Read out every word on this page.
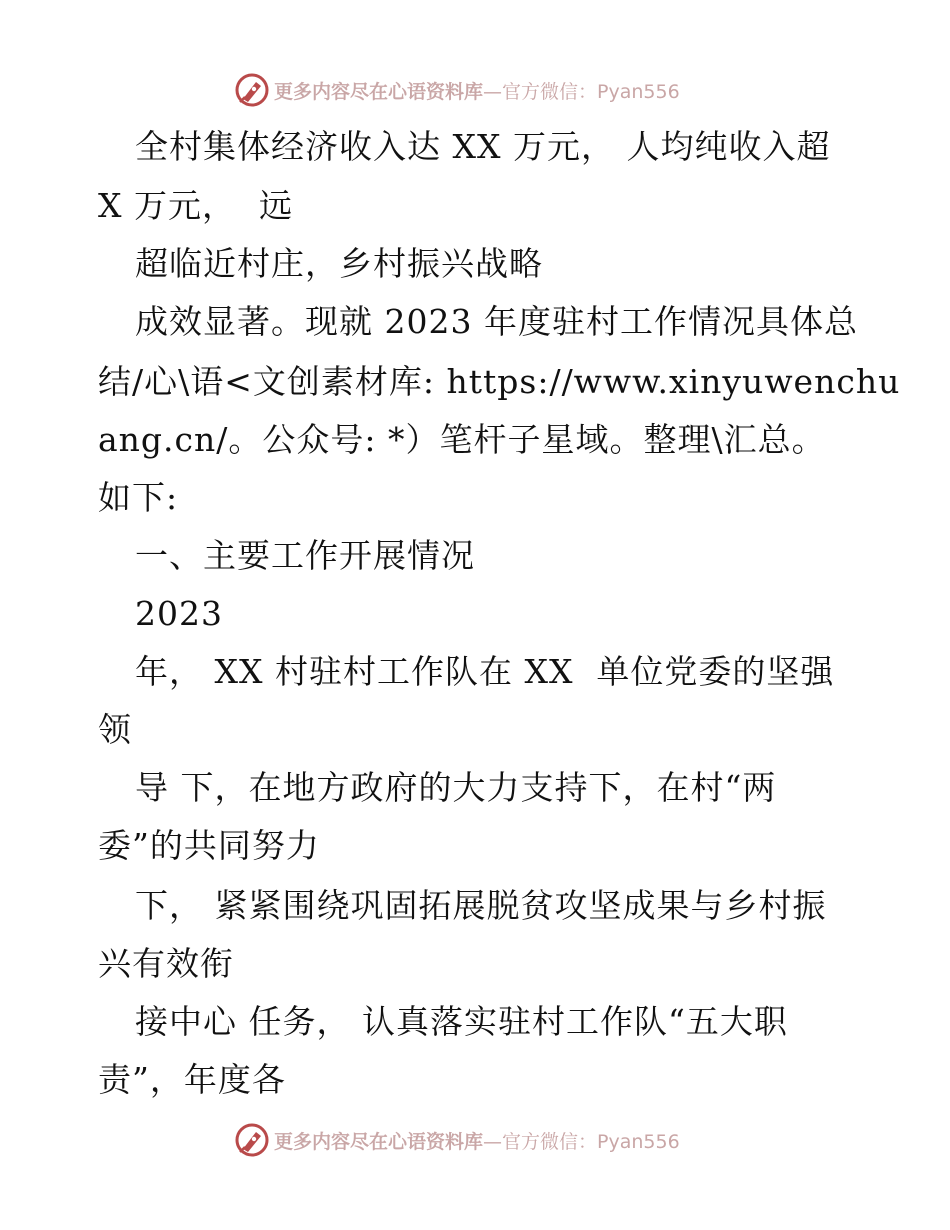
更多内容尽在心语资料库 —官方微信：Pyan556
全村集体经济收入达 XX 万元， 人均纯收入超
X 万元，  远
超临近村庄，乡村振兴战略
成效显著。现就 2023 年度驻村工作情况具体总
结/心\语<文创素材库: https://www.xinyuwenchu
ang.cn/。公众号: *）笔杆子星域。整理\汇总。
如下:
一、主要工作开展情况
2023
年， XX 村驻村工作队在 XX  单位党委的坚强
领
导 下，在地方政府的大力支持下，在村“两
委”的共同努力
下， 紧紧围绕巩固拓展脱贫攻坚成果与乡村振
兴有效衔
接中心 任务， 认真落实驻村工作队“五大职
责”，年度各
更多内容尽在心语资料库 —官方微信：Pyan556
